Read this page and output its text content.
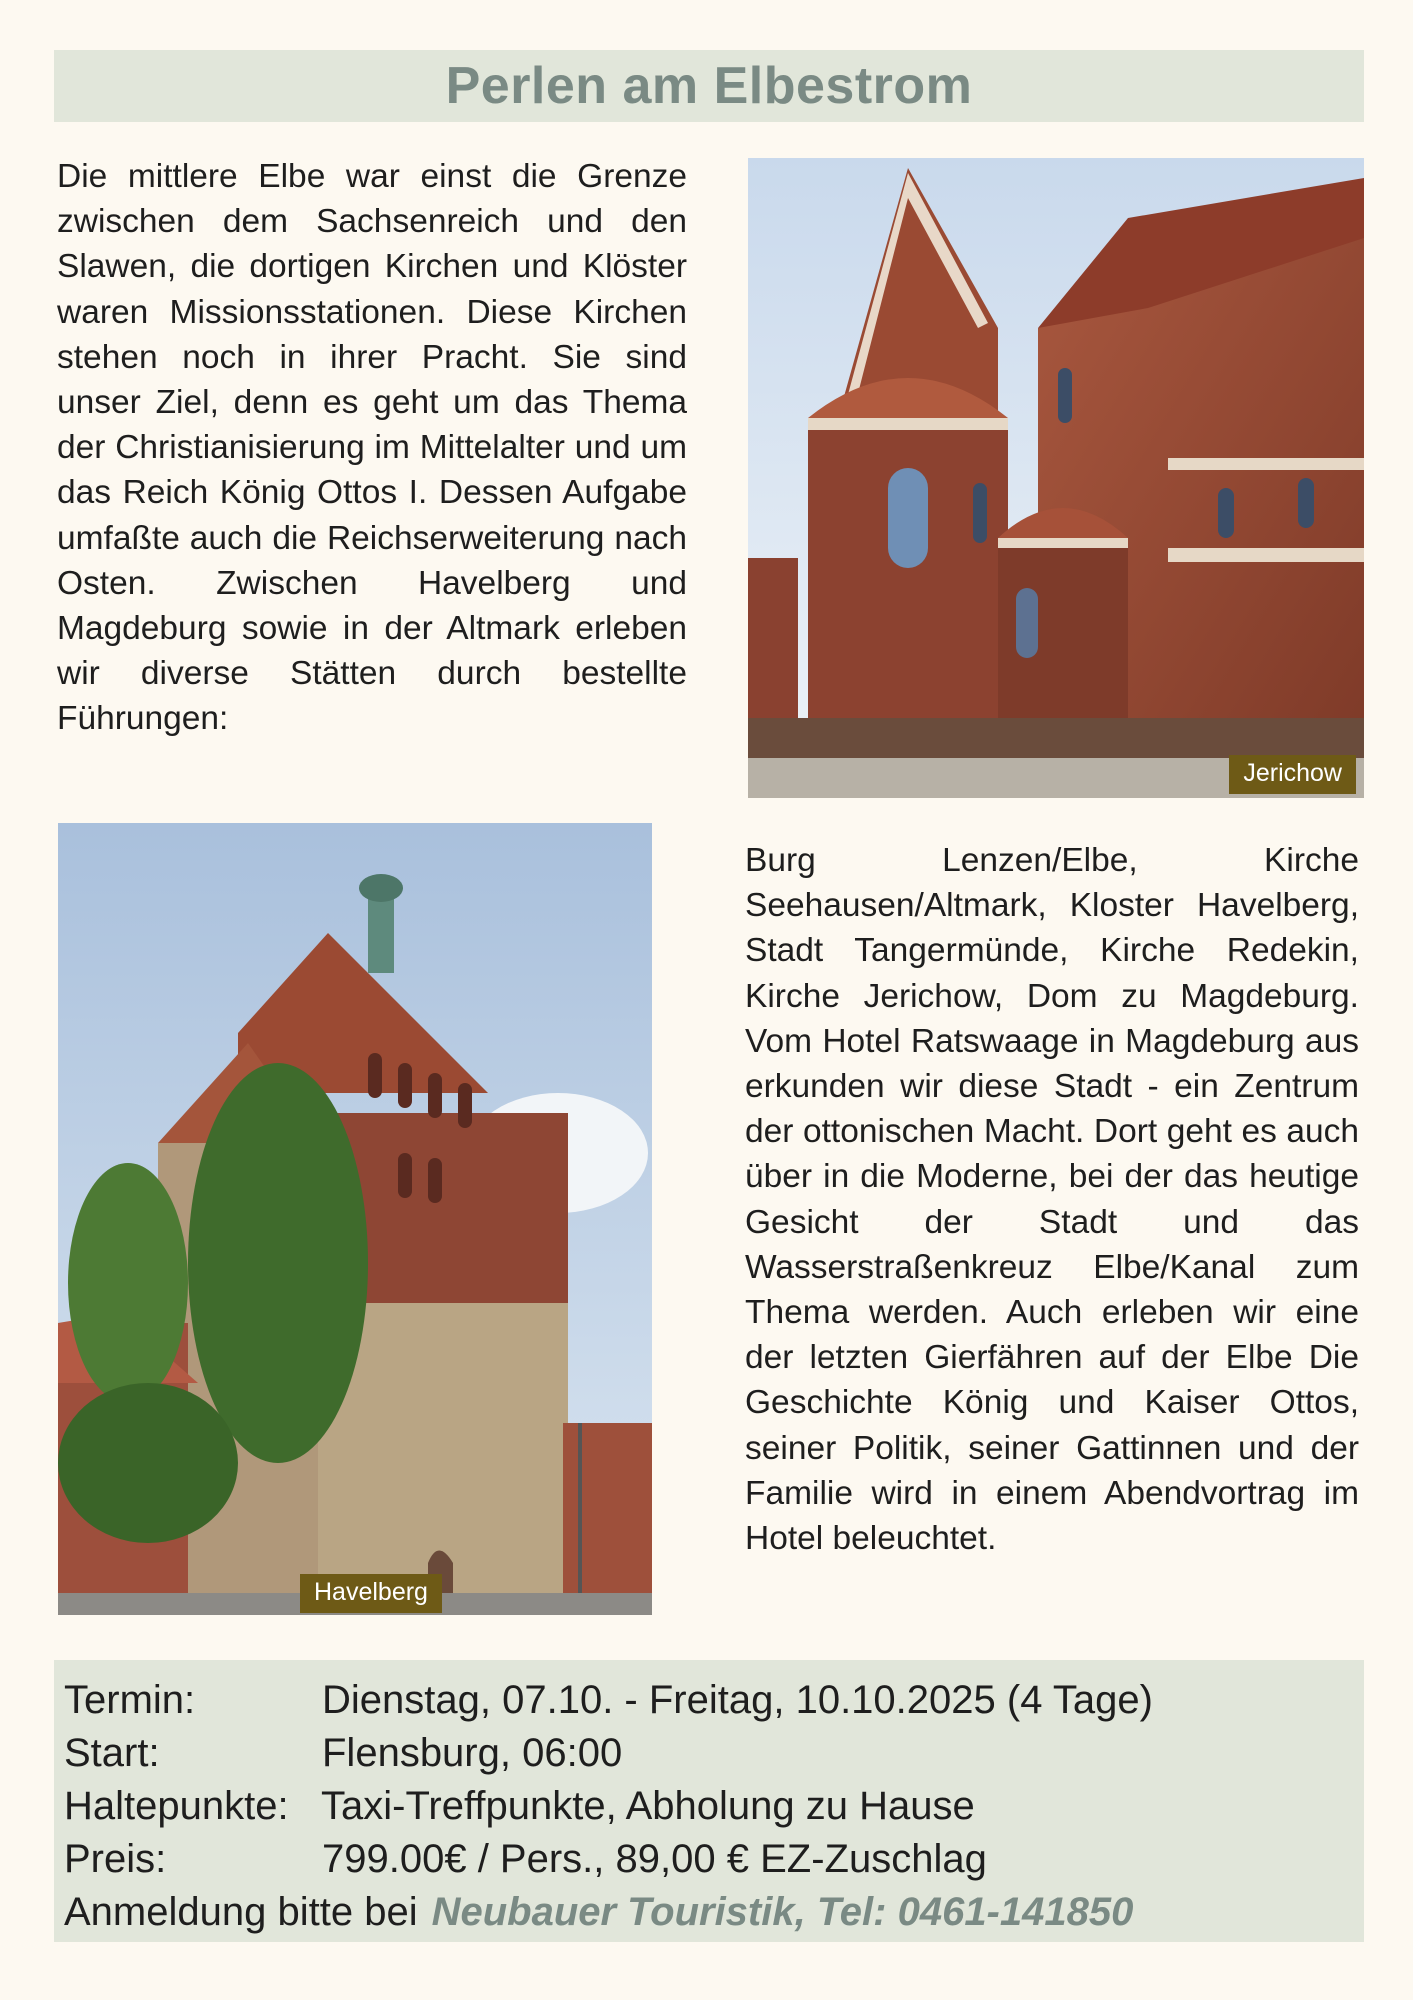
Perlen am Elbestrom

Die mittlere Elbe war einst die Grenze zwischen dem Sachsenreich und den Slawen, die dortigen Kirchen und Klöster waren Missionsstationen. Diese Kirchen stehen noch in ihrer Pracht. Sie sind unser Ziel, denn es geht um das Thema der Christianisierung im Mittelalter und um das Reich König Ottos I. Dessen Aufgabe umfaßte auch die Reichserweiterung nach Osten. Zwischen Havelberg und Magdeburg sowie in der Altmark erleben wir diverse Stätten durch bestellte Führungen:

Jerichow
Havelberg

Burg Lenzen/Elbe, Kirche Seehausen/Altmark, Kloster Havelberg, Stadt Tangermünde, Kirche Redekin, Kirche Jerichow, Dom zu Magdeburg. Vom Hotel Ratswaage in Magdeburg aus erkunden wir diese Stadt - ein Zentrum der ottonischen Macht. Dort geht es auch über in die Moderne, bei der das heutige Gesicht der Stadt und das Wasserstraßenkreuz Elbe/Kanal zum Thema werden. Auch erleben wir eine der letzten Gierfähren auf der Elbe Die Geschichte König und Kaiser Ottos, seiner Politik, seiner Gattinnen und der Familie wird in einem Abendvortrag im Hotel beleuchtet.

Termin:	Dienstag, 07.10. - Freitag, 10.10.2025 (4 Tage)
Start:	Flensburg, 06:00
Haltepunkte: Taxi-Treffpunkte, Abholung zu Hause
Preis:	799.00€ / Pers., 89,00 € EZ-Zuschlag
Anmeldung bitte bei Neubauer Touristik, Tel: 0461-141850
